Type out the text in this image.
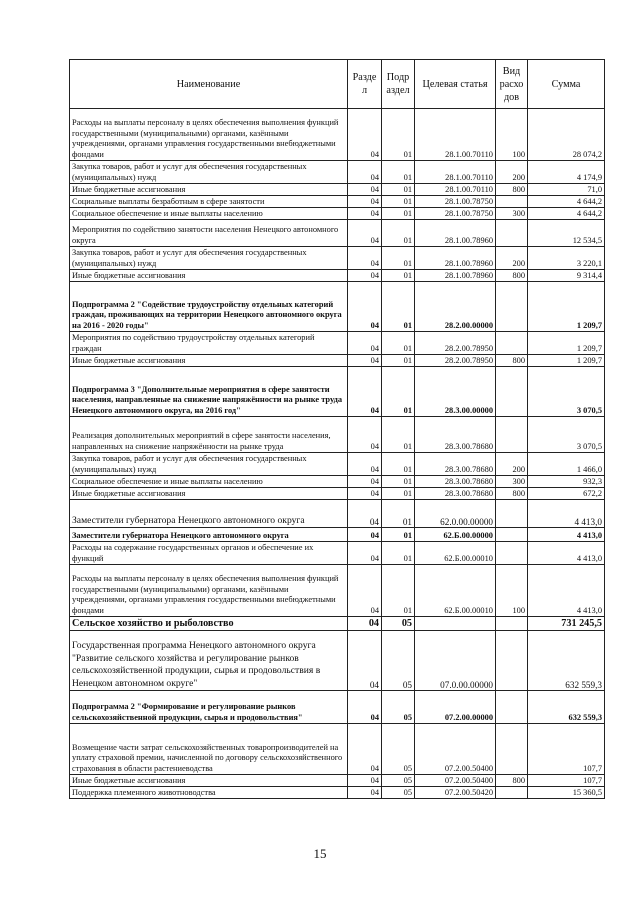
Наименование	Разде л	Подр аздел	Целевая статья	Вид расхо дов	Сумма
Расходы на выплаты персоналу в целях обеспечения выполнения функций государственными (муниципальными) органами, казёнными учреждениями, органами управления государственными внебюджетными фондами	04	01	28.1.00.70110	100	28 074,2
Закупка товаров, работ и услуг для обеспечения государственных (муниципальных) нужд	04	01	28.1.00.70110	200	4 174,9
Иные бюджетные ассигнования	04	01	28.1.00.70110	800	71,0
Социальные выплаты безработным в сфере занятости	04	01	28.1.00.78750		4 644,2
Социальное обеспечение и иные выплаты населению	04	01	28.1.00.78750	300	4 644,2
Мероприятия по содействию занятости населения Ненецкого автономного округа	04	01	28.1.00.78960		12 534,5
Закупка товаров, работ и услуг для обеспечения государственных (муниципальных) нужд	04	01	28.1.00.78960	200	3 220,1
Иные бюджетные ассигнования	04	01	28.1.00.78960	800	9 314,4
Подпрограмма 2 "Содействие трудоустройству отдельных категорий граждан, проживающих на территории Ненецкого автономного округа на 2016 - 2020 годы"	04	01	28.2.00.00000		1 209,7
Мероприятия по содействию трудоустройству отдельных категорий граждан	04	01	28.2.00.78950		1 209,7
Иные бюджетные ассигнования	04	01	28.2.00.78950	800	1 209,7
Подпрограмма 3 "Дополнительные мероприятия в сфере занятости населения, направленные на снижение напряжённости на рынке труда Ненецкого автономного округа, на 2016 год"	04	01	28.3.00.00000		3 070,5
Реализация дополнительных мероприятий в сфере занятости населения, направленных на снижение напряжённости на рынке труда	04	01	28.3.00.78680		3 070,5
Закупка товаров, работ и услуг для обеспечения государственных (муниципальных) нужд	04	01	28.3.00.78680	200	1 466,0
Социальное обеспечение и иные выплаты населению	04	01	28.3.00.78680	300	932,3
Иные бюджетные ассигнования	04	01	28.3.00.78680	800	672,2
Заместители губернатора Ненецкого автономного округа	04	01	62.0.00.00000		4 413,0
Заместители губернатора Ненецкого автономного округа	04	01	62.Б.00.00000		4 413,0
Расходы на содержание государственных органов и обеспечение их функций	04	01	62.Б.00.00010		4 413,0
Расходы на выплаты персоналу в целях обеспечения выполнения функций государственными (муниципальными) органами, казёнными учреждениями, органами управления государственными внебюджетными фондами	04	01	62.Б.00.00010	100	4 413,0
Сельское хозяйство и рыболовство	04	05			731 245,5
Государственная программа Ненецкого автономного округа "Развитие сельского хозяйства и регулирование рынков сельскохозяйственной продукции, сырья и продовольствия в Ненецком автономном округе"	04	05	07.0.00.00000		632 559,3
Подпрограмма 2 "Формирование и регулирование рынков сельскохозяйственной продукции, сырья и продовольствия"	04	05	07.2.00.00000		632 559,3
Возмещение части затрат сельскохозяйственных товаропроизводителей на уплату страховой премии, начисленной по договору сельскохозяйственного страхования в области растениеводства	04	05	07.2.00.50400		107,7
Иные бюджетные ассигнования	04	05	07.2.00.50400	800	107,7
Поддержка племенного животноводства	04	05	07.2.00.50420		15 360,5
15
